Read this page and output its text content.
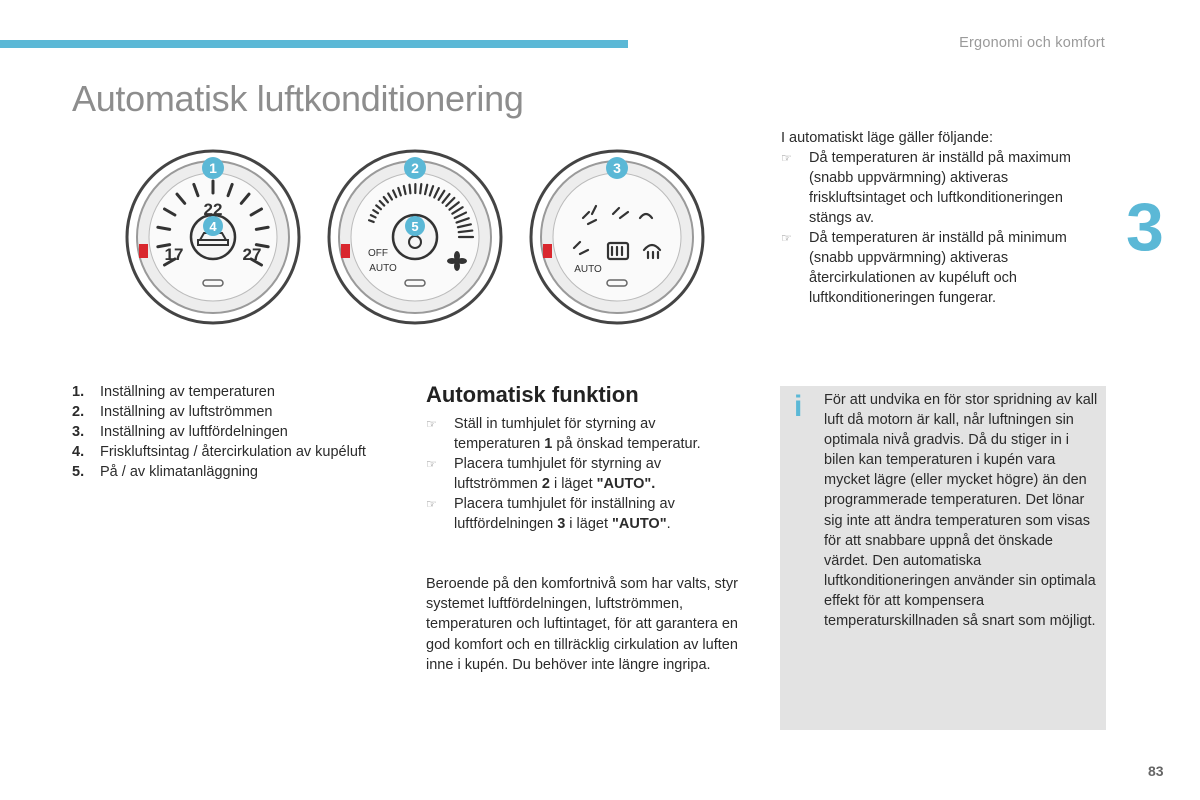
Ergonomi och komfort
Automatisk luftkonditionering
3
1
4
22
17	27
2
5
OFF
AUTO
3
AUTO
1. Inställning av temperaturen
2. Inställning av luftströmmen
3. Inställning av luftfördelningen
4. Friskluftsintag / återcirkulation av kupéluft
5. På / av klimatanläggning
Automatisk funktion
☞ Ställ in tumhjulet för styrning av temperaturen 1 på önskad temperatur.
☞ Placera tumhjulet för styrning av luftströmmen 2 i läget "AUTO".
☞ Placera tumhjulet för inställning av luftfördelningen 3 i läget "AUTO".

Beroende på den komfortnivå som har valts, styr systemet luftfördelningen, luftströmmen, temperaturen och luftintaget, för att garantera en god komfort och en tillräcklig cirkulation av luften inne i kupén. Du behöver inte längre ingripa.

I automatiskt läge gäller följande:
☞ Då temperaturen är inställd på maximum (snabb uppvärmning) aktiveras friskluftsintaget och luftkonditioneringen stängs av.
☞ Då temperaturen är inställd på minimum (snabb uppvärmning) aktiveras återcirkulationen av kupéluft och luftkonditioneringen fungerar.
i För att undvika en för stor spridning av kall luft då motorn är kall, når luftningen sin optimala nivå gradvis. Då du stiger in i bilen kan temperaturen i kupén vara mycket lägre (eller mycket högre) än den programmerade temperaturen. Det lönar sig inte att ändra temperaturen som visas för att snabbare uppnå det önskade värdet. Den automatiska luftkonditioneringen använder sin optimala effekt för att kompensera temperaturskillnaden så snart som möjligt.

83
